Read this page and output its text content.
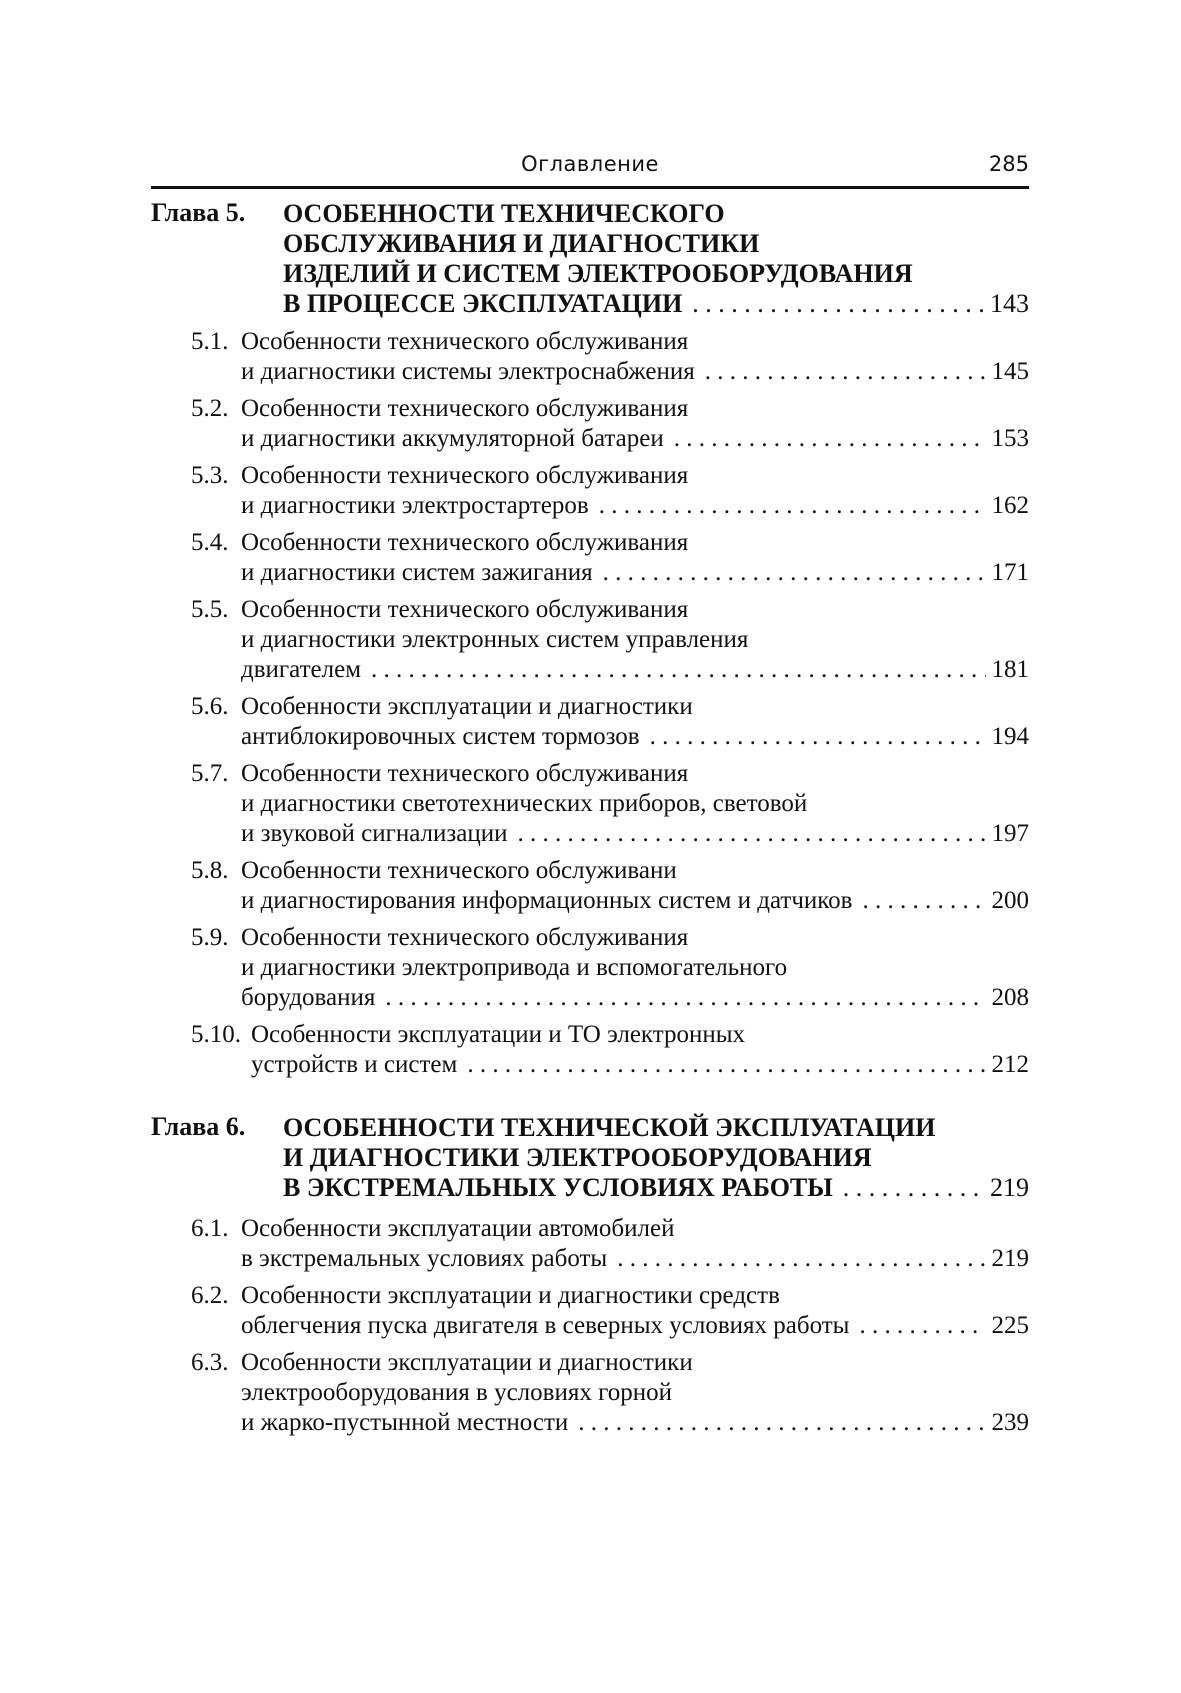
Оглавление	285
Глава 5. ОСОБЕННОСТИ ТЕХНИЧЕСКОГО
ОБСЛУЖИВАНИЯ И ДИАГНОСТИКИ
ИЗДЕЛИЙ И СИСТЕМ ЭЛЕКТРООБОРУДОВАНИЯ
В ПРОЦЕССЕ ЭКСПЛУАТАЦИИ . . .	143
5.1. Особенности технического обслуживания
и диагностики системы электроснабжения . . .	145
5.2. Особенности технического обслуживания
и диагностики аккумуляторной батареи . . .	153
5.3. Особенности технического обслуживания
и диагностики электростартеров . . .	162
5.4. Особенности технического обслуживания
и диагностики систем зажигания . . .	171
5.5. Особенности технического обслуживания
и диагностики электронных систем управления
двигателем . . .	181
5.6. Особенности эксплуатации и диагностики
антиблокировочных систем тормозов . . .	194
5.7. Особенности технического обслуживания
и диагностики светотехнических приборов, световой
и звуковой сигнализации . . .	197
5.8. Особенности технического обслуживани
и диагностирования информационных систем и датчиков . . .	200
5.9. Особенности технического обслуживания
и диагностики электропривода и вспомогательного
борудования . . .	208
5.10. Особенности эксплуатации и ТО электронных
устройств и систем . . .	212
Глава 6. ОСОБЕННОСТИ ТЕХНИЧЕСКОЙ ЭКСПЛУАТАЦИИ
И ДИАГНОСТИКИ ЭЛЕКТРООБОРУДОВАНИЯ
В ЭКСТРЕМАЛЬНЫХ УСЛОВИЯХ РАБОТЫ . . .	219
6.1. Особенности эксплуатации автомобилей
в экстремальных условиях работы . . .	219
6.2. Особенности эксплуатации и диагностики средств
облегчения пуска двигателя в северных условиях работы . . .	225
6.3. Особенности эксплуатации и диагностики
электрооборудования в условиях горной
и жарко-пустынной местности . . .	239
